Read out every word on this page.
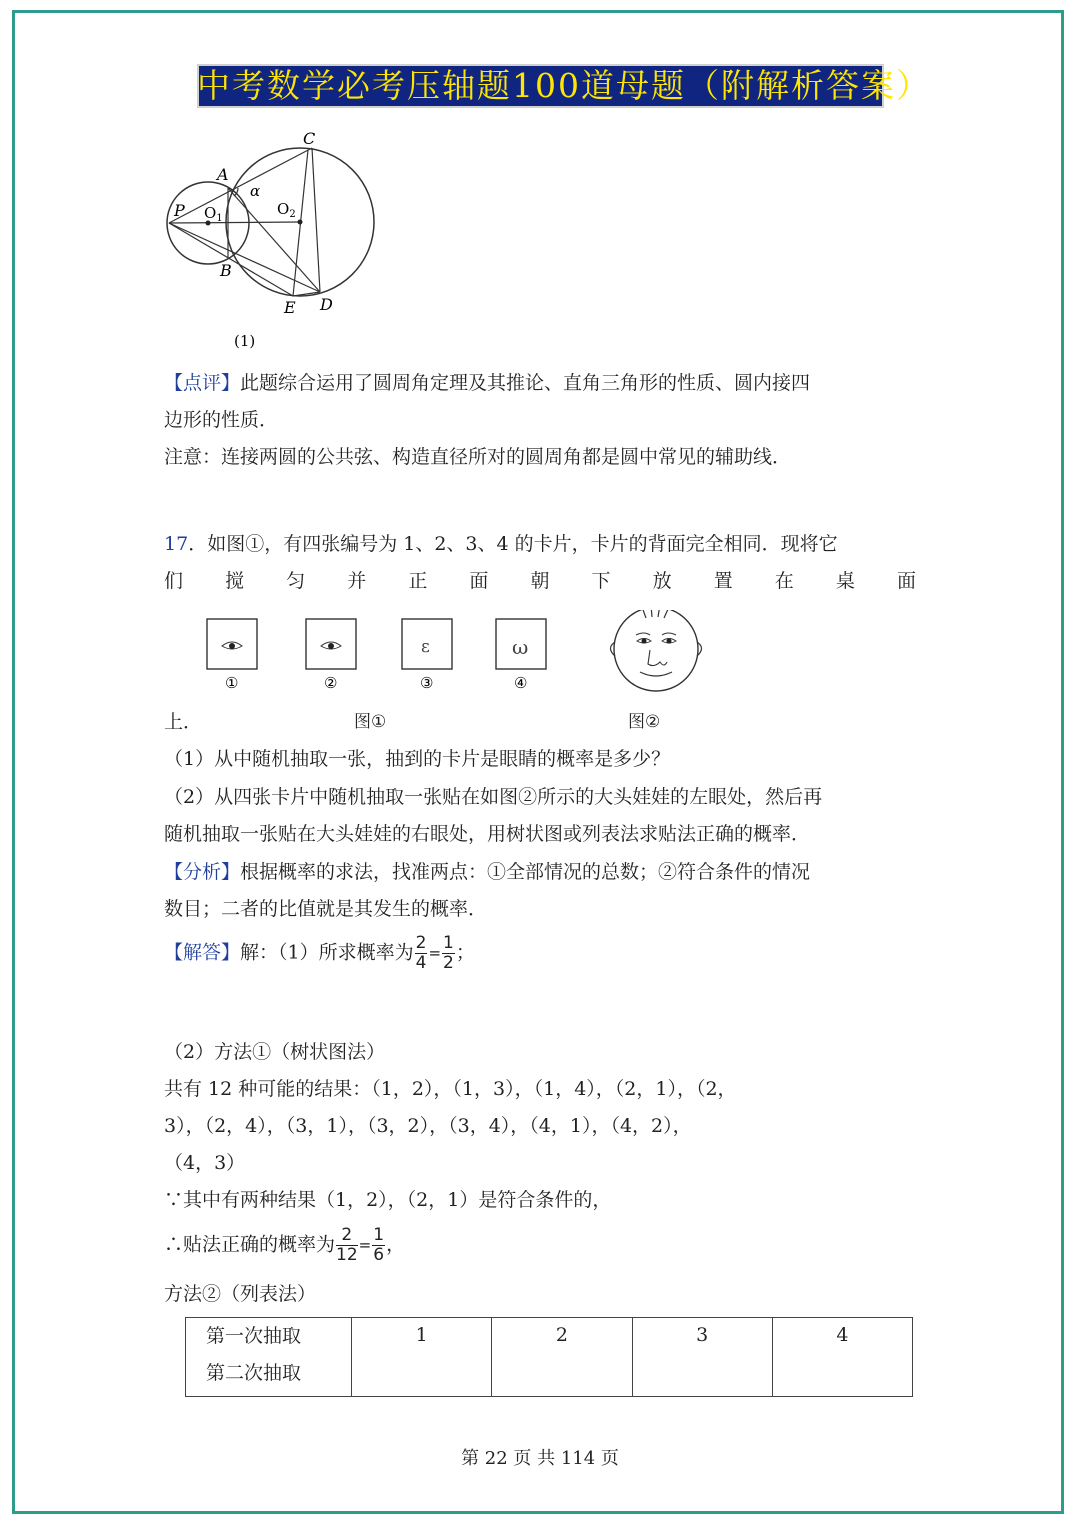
中考数学必考压轴题100道母题（附解析答案）
C
A
α
P $O_1$
$O_2$
B
E D
(1)
【点评】此题综合运用了圆周角定理及其推论、直角三角形的性质、圆内接四
边形的性质．
注意：连接两圆的公共弦、构造直径所对的圆周角都是圆中常见的辅助线．
17．如图①，有四张编号为 1、2、3、4 的卡片，卡片的背面完全相同．现将它
们 搅 匀 并 正 面 朝 下 放 置 在 桌 面
①	②
ε
③
ω
④
上．	图①	图②
（1）从中随机抽取一张，抽到的卡片是眼睛的概率是多少？
（2）从四张卡片中随机抽取一张贴在如图②所示的大头娃娃的左眼处，然后再
随机抽取一张贴在大头娃娃的右眼处，用树状图或列表法求贴法正确的概率．
【分析】根据概率的求法，找准两点：①全部情况的总数；②符合条件的情况
数目；二者的比值就是其发生的概率．
【解答】解：（1）所求概率为 $\frac{2}{4} = \frac{1}{2}$ ；
（2）方法①（树状图法）
共有 12 种可能的结果：（1，2），（1，3），（1，4），（2，1），（2，
3），（2，4），（3，1），（3，2），（3，4），（4，1），（4，2），
（4，3）
∵其中有两种结果（1，2），（2，1）是符合条件的，
∴贴法正确的概率为 $\frac{2}{12} = \frac{1}{6}$ ，
方法②（列表法）
第一次抽取
第二次抽取
	1	2	3	4
第 22 页 共 114 页
